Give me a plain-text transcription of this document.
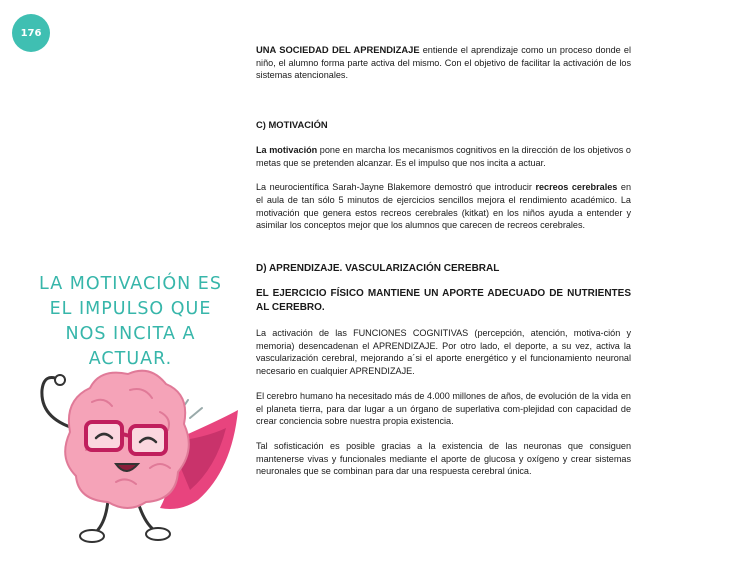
176
LA MOTIVACIÓN ES EL IMPULSO QUE NOS INCITA A ACTUAR.

UNA SOCIEDAD DEL APRENDIZAJE entiende el aprendizaje como un proceso donde el niño, el alumno forma parte activa del mismo. Con el objetivo de facilitar la activación de los sistemas atencionales.

C) MOTIVACIÓN

La motivación pone en marcha los mecanismos cognitivos en la dirección de los objetivos o metas que se pretenden alcanzar. Es el impulso que nos incita a actuar.

La neurocientífica Sarah-Jayne Blakemore demostró que introducir recreos cerebrales en el aula de tan sólo 5 minutos de ejercicios sencillos mejora el rendimiento académico. La motivación que genera estos recreos cerebrales (kitkat) en los niños ayuda a entender y asimilar los conceptos mejor que los alumnos que carecen de recreos cerebrales.

D) APRENDIZAJE. VASCULARIZACIÓN CEREBRAL

EL EJERCICIO FÍSICO MANTIENE UN APORTE ADECUADO DE NUTRIENTES AL CEREBRO.

La activación de las FUNCIONES COGNITIVAS (percepción, atención, motiva-ción y memoria) desencadenan el APRENDIZAJE. Por otro lado, el deporte, a su vez, activa la vascularización cerebral, mejorando a´si el aporte energético y el funcionamiento neuronal necesario en cualquier APRENDIZAJE.

El cerebro humano ha necesitado más de 4.000 millones de años, de evolución de la vida en el planeta tierra, para dar lugar a un órgano de superlativa com-plejidad con capacidad de crear conciencia sobre nuestra propia existencia.

Tal sofisticación es posible gracias a la existencia de las neuronas que consiguen mantenerse vivas y funcionales mediante el aporte de glucosa y oxígeno y crear sistemas neuronales que se combinan para dar una respuesta cerebral única.
